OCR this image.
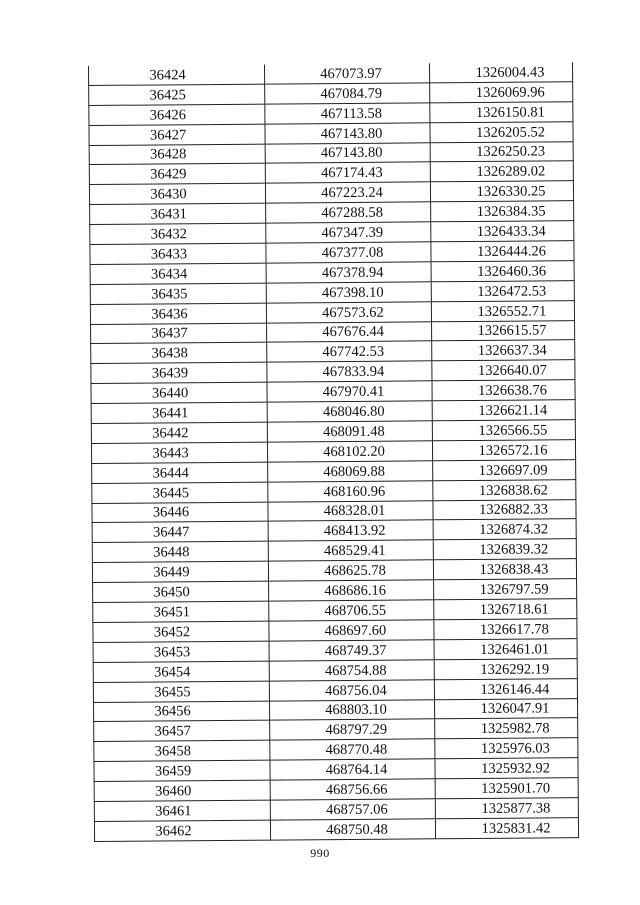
36424	467073.97	1326004.43
36425	467084.79	1326069.96
36426	467113.58	1326150.81
36427	467143.80	1326205.52
36428	467143.80	1326250.23
36429	467174.43	1326289.02
36430	467223.24	1326330.25
36431	467288.58	1326384.35
36432	467347.39	1326433.34
36433	467377.08	1326444.26
36434	467378.94	1326460.36
36435	467398.10	1326472.53
36436	467573.62	1326552.71
36437	467676.44	1326615.57
36438	467742.53	1326637.34
36439	467833.94	1326640.07
36440	467970.41	1326638.76
36441	468046.80	1326621.14
36442	468091.48	1326566.55
36443	468102.20	1326572.16
36444	468069.88	1326697.09
36445	468160.96	1326838.62
36446	468328.01	1326882.33
36447	468413.92	1326874.32
36448	468529.41	1326839.32
36449	468625.78	1326838.43
36450	468686.16	1326797.59
36451	468706.55	1326718.61
36452	468697.60	1326617.78
36453	468749.37	1326461.01
36454	468754.88	1326292.19
36455	468756.04	1326146.44
36456	468803.10	1326047.91
36457	468797.29	1325982.78
36458	468770.48	1325976.03
36459	468764.14	1325932.92
36460	468756.66	1325901.70
36461	468757.06	1325877.38
36462	468750.48	1325831.42
990
